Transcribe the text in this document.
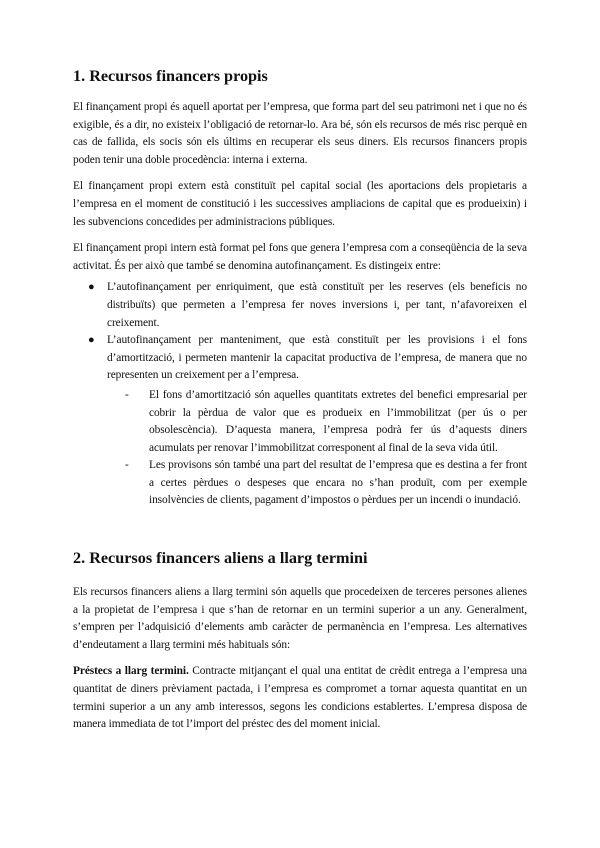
1. Recursos financers propis

El finançament propi és aquell aportat per l’empresa, que forma part del seu patrimoni net i que no és exigible, és a dir, no existeix l’obligació de retornar-lo. Ara bé, són els recursos de més risc perquè en cas de fallida, els socis són els últims en recuperar els seus diners. Els recursos financers propis poden tenir una doble procedència: interna i externa.

El finançament propi extern està constituït pel capital social (les aportacions dels propietaris a l’empresa en el moment de constitució i les successives ampliacions de capital que es produeixin) i les subvencions concedides per administracions públiques.

El finançament propi intern està format pel fons que genera l’empresa com a conseqüència de la seva activitat. És per això que també se denomina autofinançament. Es distingeix entre:

● L’autofinançament per enriquiment, que està constituït per les reserves (els beneficis no distribuïts) que permeten a l’empresa fer noves inversions i, per tant, n’afavoreixen el creixement.
● L’autofinançament per manteniment, que està constituït per les provisions i el fons d’amortització, i permeten mantenir la capacitat productiva de l’empresa, de manera que no representen un creixement per a l’empresa.
- El fons d’amortització són aquelles quantitats extretes del benefici empresarial per cobrir la pèrdua de valor que es produeix en l’immobilitzat (per ús o per obsolescència). D’aquesta manera, l’empresa podrà fer ús d’aquests diners acumulats per renovar l’immobilitzat corresponent al final de la seva vida útil.
- Les provisons són també una part del resultat de l’empresa que es destina a fer front a certes pèrdues o despeses que encara no s’han produït, com per exemple insolvències de clients, pagament d’impostos o pèrdues per un incendi o inundació.
2. Recursos financers aliens a llarg termini

Els recursos financers aliens a llarg termini són aquells que procedeixen de terceres persones alienes a la propietat de l’empresa i que s’han de retornar en un termini superior a un any. Generalment, s’empren per l’adquisició d’elements amb caràcter de permanència en l’empresa. Les alternatives d’endeutament a llarg termini més habituals són:

Préstecs a llarg termini. Contracte mitjançant el qual una entitat de crèdit entrega a l’empresa una quantitat de diners prèviament pactada, i l’empresa es compromet a tornar aquesta quantitat en un termini superior a un any amb interessos, segons les condicions establertes. L’empresa disposa de manera immediata de tot l’import del préstec des del moment inicial.
